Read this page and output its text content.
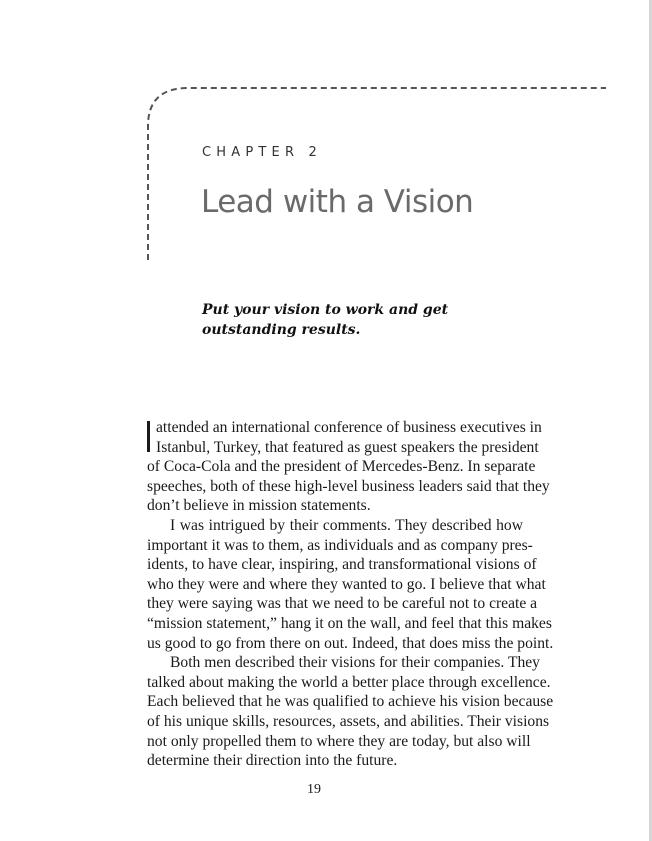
CHAPTER 2
Lead with a Vision
Put your vision to work and get
outstanding results.
attended an international conference of business executives in
Istanbul, Turkey, that featured as guest speakers the president
of Coca-Cola and the president of Mercedes-Benz. In separate
speeches, both of these high-level business leaders said that they
don’t believe in mission statements.
I was intrigued by their comments. They described how
important it was to them, as individuals and as company pres-
idents, to have clear, inspiring, and transformational visions of
who they were and where they wanted to go. I believe that what
they were saying was that we need to be careful not to create a
“mission statement,” hang it on the wall, and feel that this makes
us good to go from there on out. Indeed, that does miss the point.
Both men described their visions for their companies. They
talked about making the world a better place through excellence.
Each believed that he was qualified to achieve his vision because
of his unique skills, resources, assets, and abilities. Their visions
not only propelled them to where they are today, but also will
determine their direction into the future.
19
